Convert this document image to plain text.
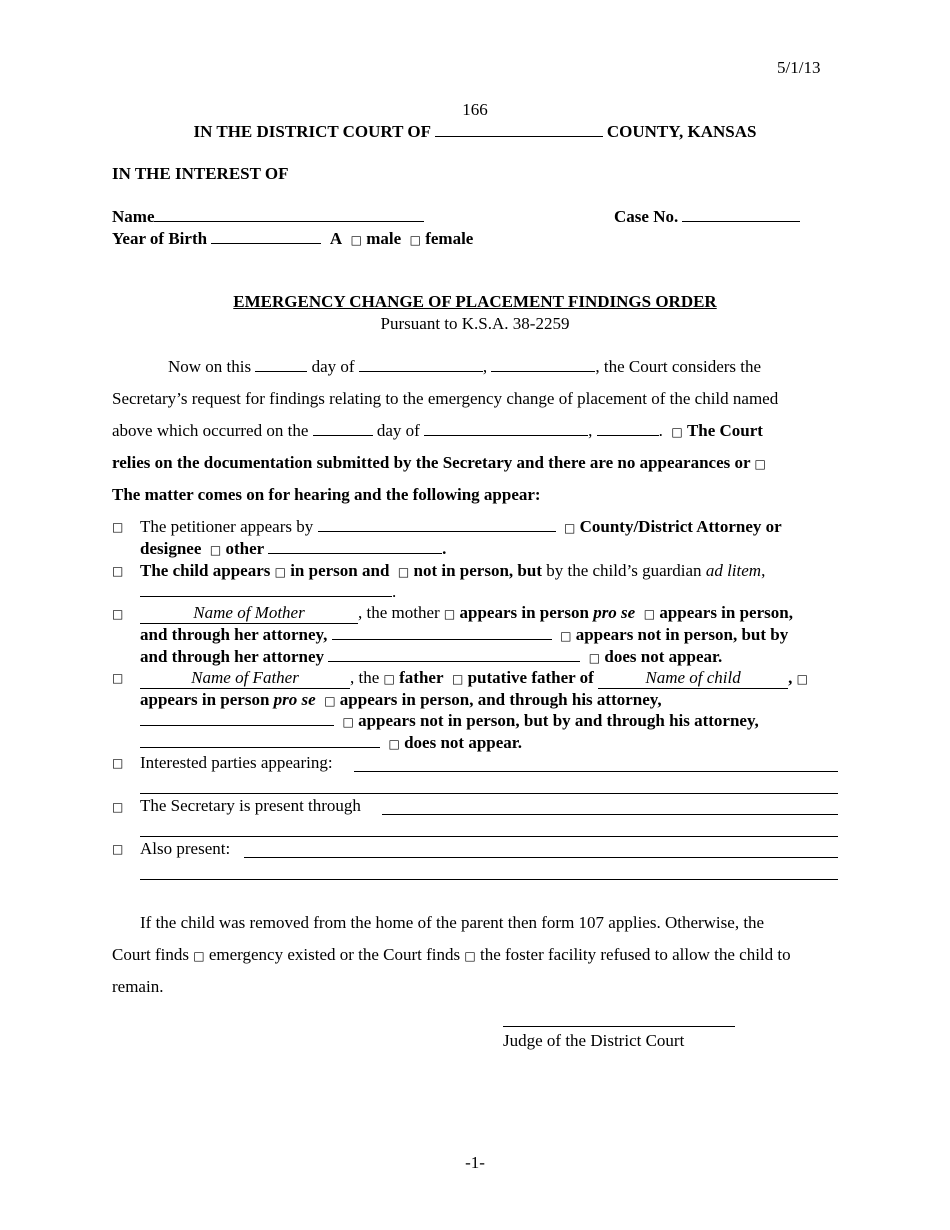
5/1/13
166
IN THE DISTRICT COURT OF	COUNTY, KANSAS
IN THE INTEREST OF
Name	Case No.
Year of Birth	A □ male □ female
EMERGENCY CHANGE OF PLACEMENT FINDINGS ORDER
Pursuant to K.S.A. 38-2259
Now on this	day of	,	, the Court considers the
Secretary’s request for findings relating to the emergency change of placement of the child named
above which occurred on the	day of	,	. □ The Court
relies on the documentation submitted by the Secretary and there are no appearances or □
The matter comes on for hearing and the following appear:
□ The petitioner appears by	□ County/District Attorney or
designee □ other	.
□ The child appears □ in person and □ not in person, but by the child’s guardian ad litem,
.
□	Name of Mother	, the mother □ appears in person pro se □ appears in person,
and through her attorney,	□ appears not in person, but by
and through her attorney	□ does not appear.
□	Name of Father	, the □ father □ putative father of	Name of child	, □
appears in person pro se □ appears in person, and through his attorney,
□ appears not in person, but by and through his attorney,
□ does not appear.
□ Interested parties appearing:
□ The Secretary is present through
□ Also present:
If the child was removed from the home of the parent then form 107 applies. Otherwise, the
Court finds □ emergency existed or the Court finds □ the foster facility refused to allow the child to
remain.
Judge of the District Court
-1-
